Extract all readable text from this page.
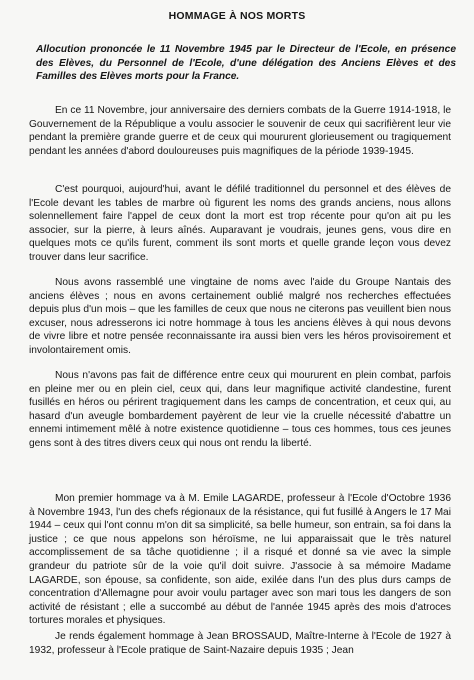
HOMMAGE À NOS MORTS

Allocution prononcée le 11 Novembre 1945 par le Directeur de l'Ecole, en présence des Elèves, du Personnel de l'Ecole, d'une délégation des Anciens Elèves et des Familles des Elèves morts pour la France.

En ce 11 Novembre, jour anniversaire des derniers combats de la Guerre 1914-1918, le Gouvernement de la République a voulu associer le souvenir de ceux qui sacrifièrent leur vie pendant la première grande guerre et de ceux qui moururent glorieusement ou tragiquement pendant les années d'abord douloureuses puis magnifiques de la période 1939-1945.

C'est pourquoi, aujourd'hui, avant le défilé traditionnel du personnel et des élèves de l'Ecole devant les tables de marbre où figurent les noms des grands anciens, nous allons solennellement faire l'appel de ceux dont la mort est trop récente pour qu'on ait pu les associer, sur la pierre, à leurs aînés. Auparavant je voudrais, jeunes gens, vous dire en quelques mots ce qu'ils furent, comment ils sont morts et quelle grande leçon vous devez trouver dans leur sacrifice.

Nous avons rassemblé une vingtaine de noms avec l'aide du Groupe Nantais des anciens élèves ; nous en avons certainement oublié malgré nos recherches effectuées depuis plus d'un mois – que les familles de ceux que nous ne citerons pas veuillent bien nous excuser, nous adresserons ici notre hommage à tous les anciens élèves à qui nous devons de vivre libre et notre pensée reconnaissante ira aussi bien vers les héros provisoirement et involontairement omis.

Nous n'avons pas fait de différence entre ceux qui moururent en plein combat, parfois en pleine mer ou en plein ciel, ceux qui, dans leur magnifique activité clandestine, furent fusillés en héros ou périrent tragiquement dans les camps de concentration, et ceux qui, au hasard d'un aveugle bombardement payèrent de leur vie la cruelle nécessité d'abattre un ennemi intimement mêlé à notre existence quotidienne – tous ces hommes, tous ces jeunes gens sont à des titres divers ceux qui nous ont rendu la liberté.

Mon premier hommage va à M. Emile LAGARDE, professeur à l'Ecole d'Octobre 1936 à Novembre 1943, l'un des chefs régionaux de la résistance, qui fut fusillé à Angers le 17 Mai 1944 – ceux qui l'ont connu m'on dit sa simplicité, sa belle humeur, son entrain, sa foi dans la justice ; ce que nous appelons son héroïsme, ne lui apparaissait que le très naturel accomplissement de sa tâche quotidienne ; il a risqué et donné sa vie avec la simple grandeur du patriote sûr de la voie qu'il doit suivre. J'associe à sa mémoire Madame LAGARDE, son épouse, sa confidente, son aide, exilée dans l'un des plus durs camps de concentration d'Allemagne pour avoir voulu partager avec son mari tous les dangers de son activité de résistant ; elle a succombé au début de l'année 1945 après des mois d'atroces tortures morales et physiques.

Je rends également hommage à Jean BROSSAUD, Maître-Interne à l'Ecole de 1927 à 1932, professeur à l'Ecole pratique de Saint-Nazaire depuis 1935 ; Jean
